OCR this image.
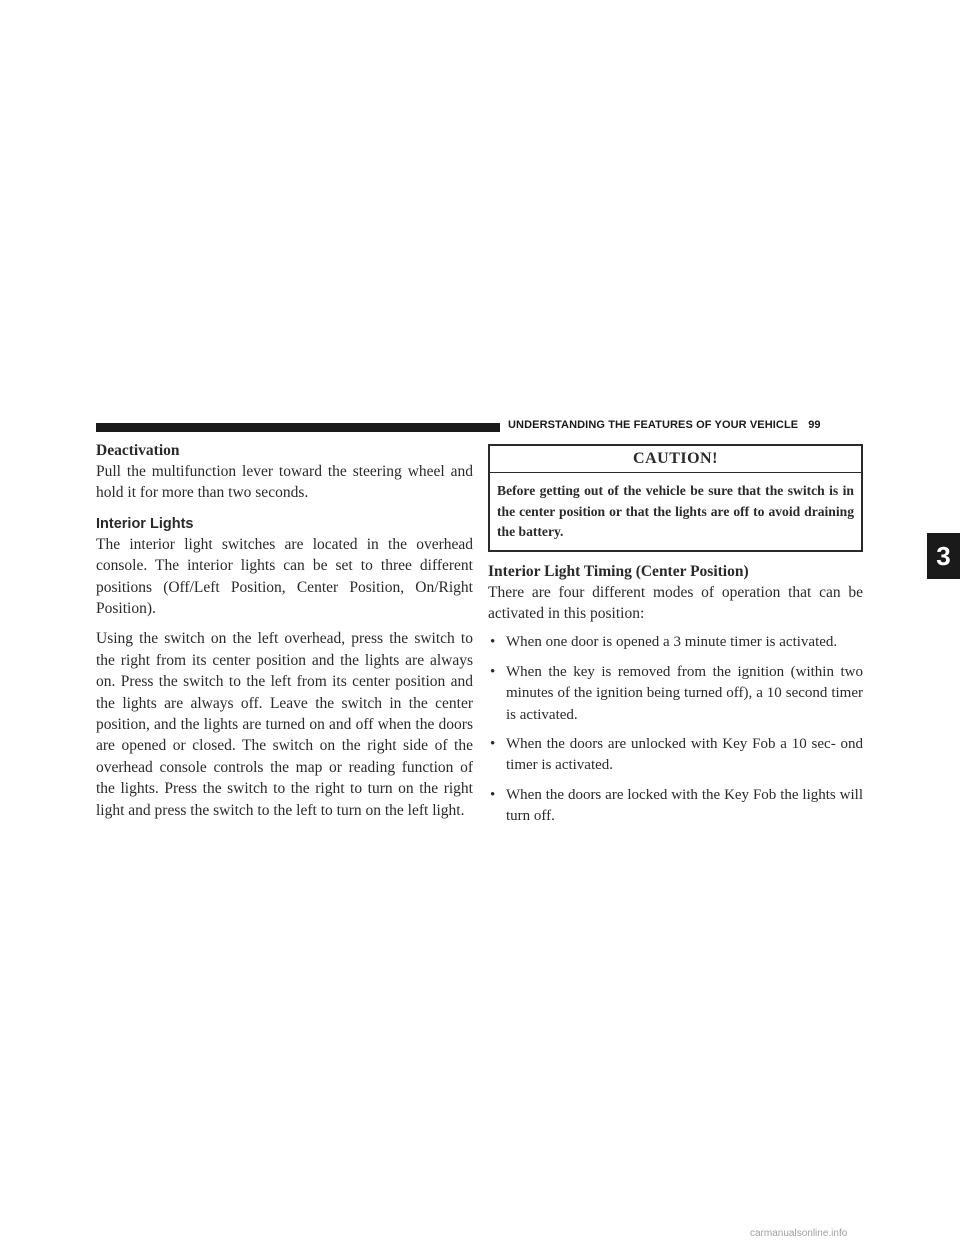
UNDERSTANDING THE FEATURES OF YOUR VEHICLE 99
Deactivation

Pull the multifunction lever toward the steering wheel and hold it for more than two seconds.

Interior Lights

The interior light switches are located in the overhead console. The interior lights can be set to three different positions (Off/Left Position, Center Position, On/Right Position).

Using the switch on the left overhead, press the switch to the right from its center position and the lights are always on. Press the switch to the left from its center position and the lights are always off. Leave the switch in the center position, and the lights are turned on and off when the doors are opened or closed. The switch on the right side of the overhead console controls the map or reading function of the lights. Press the switch to the right to turn on the right light and press the switch to the left to turn on the left light.

CAUTION!
Before getting out of the vehicle be sure that the switch is in the center position or that the lights are off to avoid draining the battery.
Interior Light Timing (Center Position)

There are four different modes of operation that can be activated in this position:

• When one door is opened a 3 minute timer is activated.
• When the key is removed from the ignition (within two minutes of the ignition being turned off), a 10 second timer is activated.
• When the doors are unlocked with Key Fob a 10 sec- ond timer is activated.
• When the doors are locked with the Key Fob the lights will turn off.
3
carmanualsonline.info
